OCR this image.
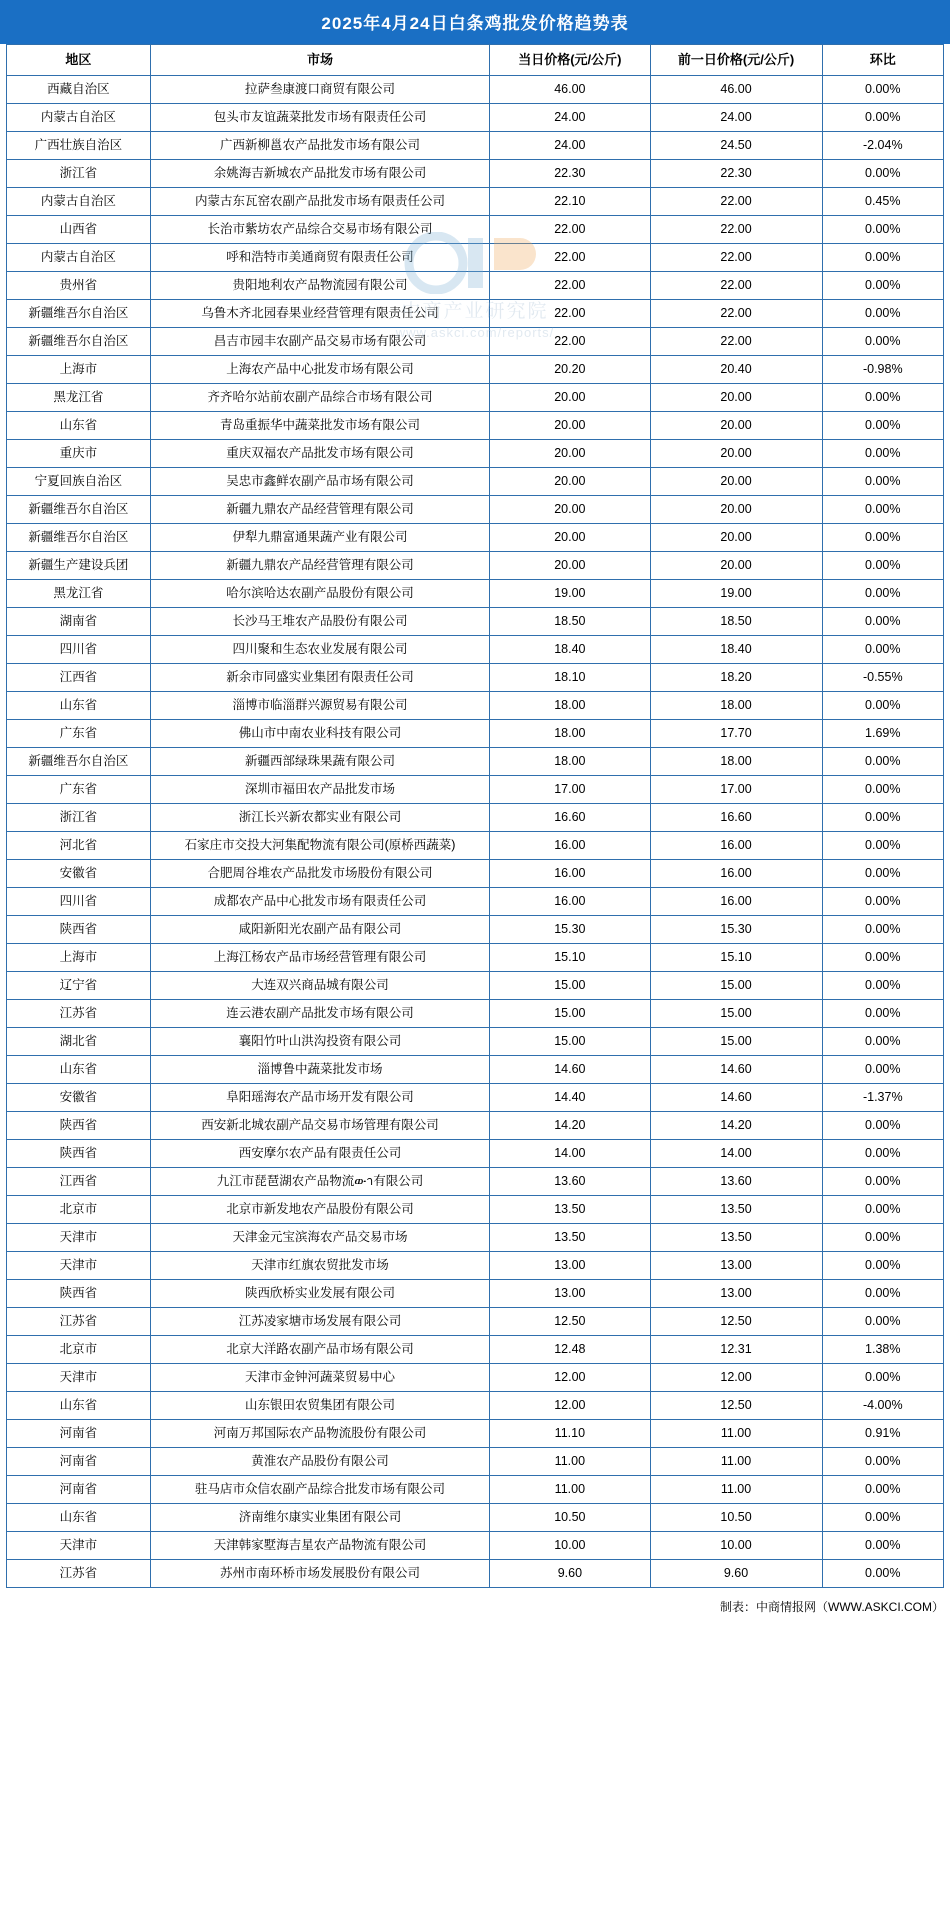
2025年4月24日白条鸡批发价格趋势表
中商产业研究院
www.askci.com/reports/
地区	市场	当日价格(元/公斤)	前一日价格(元/公斤)	环比
西藏自治区	拉萨叁康渡口商贸有限公司	46.00	46.00	0.00%
内蒙古自治区	包头市友谊蔬菜批发市场有限责任公司	24.00	24.00	0.00%
广西壮族自治区	广西新柳邕农产品批发市场有限公司	24.00	24.50	-2.04%
浙江省	余姚海吉新城农产品批发市场有限公司	22.30	22.30	0.00%
内蒙古自治区	内蒙古东瓦窑农副产品批发市场有限责任公司	22.10	22.00	0.45%
山西省	长治市紫坊农产品综合交易市场有限公司	22.00	22.00	0.00%
内蒙古自治区	呼和浩特市美通商贸有限责任公司	22.00	22.00	0.00%
贵州省	贵阳地利农产品物流园有限公司	22.00	22.00	0.00%
新疆维吾尔自治区	乌鲁木齐北园春果业经营管理有限责任公司	22.00	22.00	0.00%
新疆维吾尔自治区	昌吉市园丰农副产品交易市场有限公司	22.00	22.00	0.00%
上海市	上海农产品中心批发市场有限公司	20.20	20.40	-0.98%
黑龙江省	齐齐哈尔站前农副产品综合市场有限公司	20.00	20.00	0.00%
山东省	青岛重振华中蔬菜批发市场有限公司	20.00	20.00	0.00%
重庆市	重庆双福农产品批发市场有限公司	20.00	20.00	0.00%
宁夏回族自治区	吴忠市鑫鲜农副产品市场有限公司	20.00	20.00	0.00%
新疆维吾尔自治区	新疆九鼎农产品经营管理有限公司	20.00	20.00	0.00%
新疆维吾尔自治区	伊犁九鼎富通果蔬产业有限公司	20.00	20.00	0.00%
新疆生产建设兵团	新疆九鼎农产品经营管理有限公司	20.00	20.00	0.00%
黑龙江省	哈尔滨哈达农副产品股份有限公司	19.00	19.00	0.00%
湖南省	长沙马王堆农产品股份有限公司	18.50	18.50	0.00%
四川省	四川聚和生态农业发展有限公司	18.40	18.40	0.00%
江西省	新余市同盛实业集团有限责任公司	18.10	18.20	-0.55%
山东省	淄博市临淄群兴源贸易有限公司	18.00	18.00	0.00%
广东省	佛山市中南农业科技有限公司	18.00	17.70	1.69%
新疆维吾尔自治区	新疆西部绿珠果蔬有限公司	18.00	18.00	0.00%
广东省	深圳市福田农产品批发市场	17.00	17.00	0.00%
浙江省	浙江长兴新农都实业有限公司	16.60	16.60	0.00%
河北省	石家庄市交投大河集配物流有限公司(原桥西蔬菜)	16.00	16.00	0.00%
安徽省	合肥周谷堆农产品批发市场股份有限公司	16.00	16.00	0.00%
四川省	成都农产品中心批发市场有限责任公司	16.00	16.00	0.00%
陕西省	咸阳新阳光农副产品有限公司	15.30	15.30	0.00%
上海市	上海江杨农产品市场经营管理有限公司	15.10	15.10	0.00%
辽宁省	大连双兴商品城有限公司	15.00	15.00	0.00%
江苏省	连云港农副产品批发市场有限公司	15.00	15.00	0.00%
湖北省	襄阳竹叶山洪沟投资有限公司	15.00	15.00	0.00%
山东省	淄博鲁中蔬菜批发市场	14.60	14.60	0.00%
安徽省	阜阳瑶海农产品市场开发有限公司	14.40	14.60	-1.37%
陕西省	西安新北城农副产品交易市场管理有限公司	14.20	14.20	0.00%
陕西省	西安摩尔农产品有限责任公司	14.00	14.00	0.00%
江西省	九江市琵琶湖农产品物流ውา有限公司	13.60	13.60	0.00%
北京市	北京市新发地农产品股份有限公司	13.50	13.50	0.00%
天津市	天津金元宝滨海农产品交易市场	13.50	13.50	0.00%
天津市	天津市红旗农贸批发市场	13.00	13.00	0.00%
陕西省	陕西欣桥实业发展有限公司	13.00	13.00	0.00%
江苏省	江苏凌家塘市场发展有限公司	12.50	12.50	0.00%
北京市	北京大洋路农副产品市场有限公司	12.48	12.31	1.38%
天津市	天津市金钟河蔬菜贸易中心	12.00	12.00	0.00%
山东省	山东银田农贸集团有限公司	12.00	12.50	-4.00%
河南省	河南万邦国际农产品物流股份有限公司	11.10	11.00	0.91%
河南省	黄淮农产品股份有限公司	11.00	11.00	0.00%
河南省	驻马店市众信农副产品综合批发市场有限公司	11.00	11.00	0.00%
山东省	济南维尔康实业集团有限公司	10.50	10.50	0.00%
天津市	天津韩家墅海吉星农产品物流有限公司	10.00	10.00	0.00%
江苏省	苏州市南环桥市场发展股份有限公司	9.60	9.60	0.00%
制表：中商情报网（WWW.ASKCI.COM）
